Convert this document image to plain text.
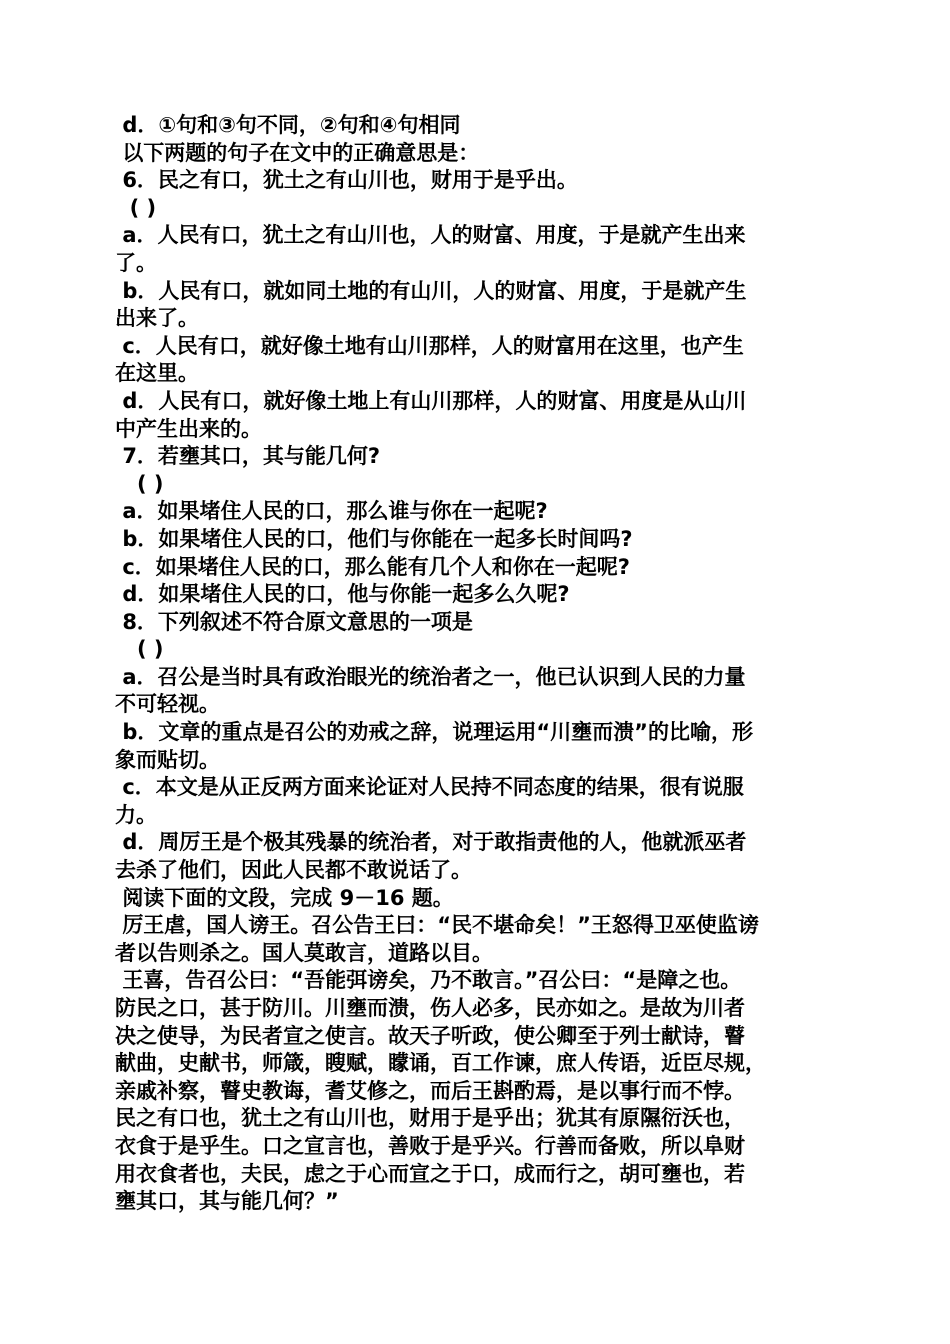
d．①句和③句不同，②句和④句相同

以下两题的句子在文中的正确意思是：

6．民之有口，犹土之有山川也，财用于是乎出。

( )

a．人民有口，犹土之有山川也，人的财富、用度，于是就产生出来

了。

b．人民有口，就如同土地的有山川，人的财富、用度，于是就产生

出来了。

c．人民有口，就好像土地有山川那样，人的财富用在这里，也产生

在这里。

d．人民有口，就好像土地上有山川那样，人的财富、用度是从山川

中产生出来的。

7．若壅其口，其与能几何?

( )

a．如果堵住人民的口，那么谁与你在一起呢?

b．如果堵住人民的口，他们与你能在一起多长时间吗?

c．如果堵住人民的口，那么能有几个人和你在一起呢?

d．如果堵住人民的口，他与你能一起多么久呢?

8．下列叙述不符合原文意思的一项是

( )

a．召公是当时具有政治眼光的统治者之一，他已认识到人民的力量

不可轻视。

b．文章的重点是召公的劝戒之辞，说理运用“川壅而溃”的比喻，形

象而贴切。

c．本文是从正反两方面来论证对人民持不同态度的结果，很有说服

力。

d．周厉王是个极其残暴的统治者，对于敢指责他的人，他就派巫者

去杀了他们，因此人民都不敢说话了。

阅读下面的文段，完成 9－16 题。

厉王虐，国人谤王。召公告王曰：“民不堪命矣！”王怒得卫巫使监谤

者以告则杀之。国人莫敢言，道路以目。

王喜，告召公曰：“吾能弭谤矣，乃不敢言。”召公曰：“是障之也。

防民之口，甚于防川。川壅而溃，伤人必多，民亦如之。是故为川者

决之使导，为民者宣之使言。故天子听政，使公卿至于列士献诗，瞽

献曲，史献书，师箴，瞍赋，矇诵，百工作谏，庶人传语，近臣尽规，

亲戚补察，瞽史教诲，耆艾修之，而后王斟酌焉，是以事行而不悖。

民之有口也，犹土之有山川也，财用于是乎出；犹其有原隰衍沃也，

衣食于是乎生。口之宣言也，善败于是乎兴。行善而备败，所以阜财

用衣食者也，夫民，虑之于心而宣之于口，成而行之，胡可壅也，若

壅其口，其与能几何？”
